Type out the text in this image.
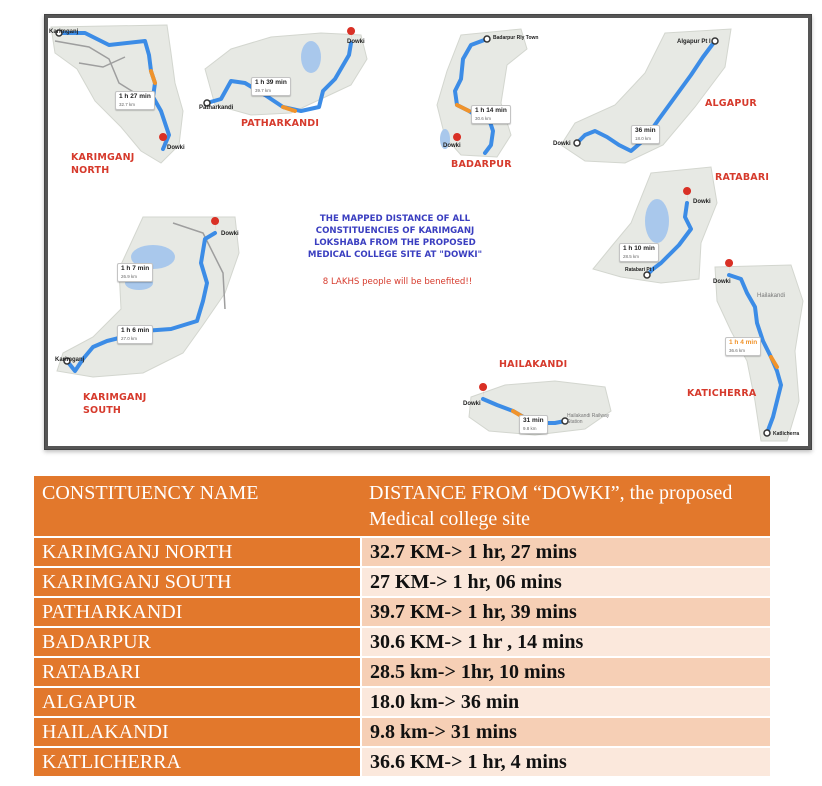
Karimganj
Dowki
1 h 27 min
32.7 km
KARIMGANJ NORTH
Patharkandi
Dowki
1 h 39 min
39.7 km
PATHARKANDI
Badarpur Rly Town
Dowki
1 h 14 min
30.6 km
BADARPUR
Algapur Pt I
Dowki
36 min
18.0 km
ALGAPUR
Dowki
Ratabari Pt I
1 h 10 min
28.5 km
RATABARI
Karimganj
Dowki
1 h 7 min
26.9 km
1 h 6 min
27.0 km
KARIMGANJ SOUTH
THE MAPPED DISTANCE OF ALL CONSTITUENCIES OF KARIMGANJ LOKSHABA FROM THE PROPOSED MEDICAL COLLEGE SITE AT "DOWKI"
8 LAKHS people will be benefited!!
Dowki
Hailakandi Railway Station
31 min
9.8 km
HAILAKANDI
Dowki
Hailakandi
Katlicherra
1 h 4 min
36.6 km
KATICHERRA
CONSTITUENCY NAME	DISTANCE FROM “DOWKI”, the proposed Medical college site
KARIMGANJ NORTH	32.7 KM-> 1 hr, 27 mins
KARIMGANJ SOUTH	27 KM-> 1 hr, 06 mins
PATHARKANDI	39.7 KM-> 1 hr, 39 mins
BADARPUR	30.6 KM-> 1 hr , 14 mins
RATABARI	28.5 km-> 1hr, 10 mins
ALGAPUR	18.0 km-> 36 min
HAILAKANDI	9.8 km-> 31 mins
KATLICHERRA	36.6 KM-> 1 hr, 4 mins
